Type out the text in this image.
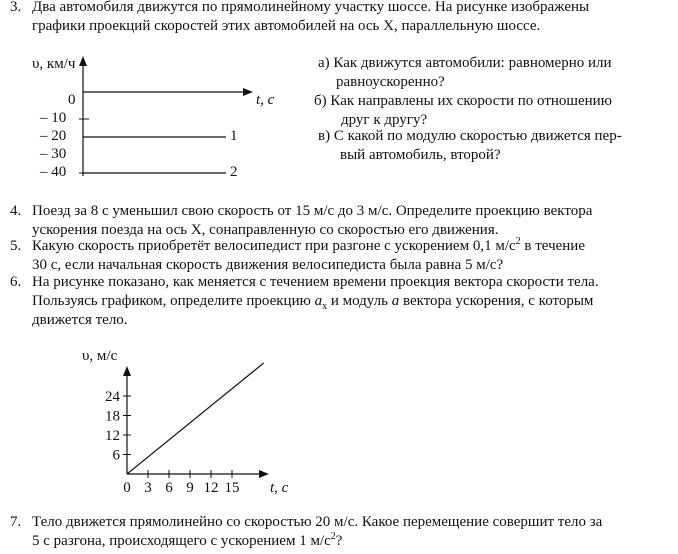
3. Два автомобиля движутся по прямолинейному участку шоссе. На рисунке изображены
графики проекций скоростей этих автомобилей на ось X, параллельную шоссе.
υ, км/ч
t, с
0
– 10
– 20
– 30
– 40
1
2
а) Как движутся автомобили: равномерно или
равноускоренно?
б) Как направлены их скорости по отношению
друг к другу?
в) С какой по модулю скоростью движется пер-
вый автомобиль, второй?
4. Поезд за 8 с уменьшил свою скорость от 15 м/с до 3 м/с. Определите проекцию вектора
ускорения поезда на ось X, сонаправленную со скоростью его движения.
5. Какую скорость приобретёт велосипедист при разгоне с ускорением 0,1 $м/с^2$ в течение
30 с, если начальная скорость движения велосипедиста была равна 5 м/с?
6. На рисунке показано, как меняется с течением времени проекция вектора скорости тела.
Пользуясь графиком, определите проекцию $a_x$ и модуль a вектора ускорения, с которым
движется тело.
υ, м/с
t, с
6
12
18
24
0 3 6 9 12 15
7. Тело движется прямолинейно со скоростью 20 м/с. Какое перемещение совершит тело за
5 с разгона, происходящего с ускорением 1 $м/с^2$?
